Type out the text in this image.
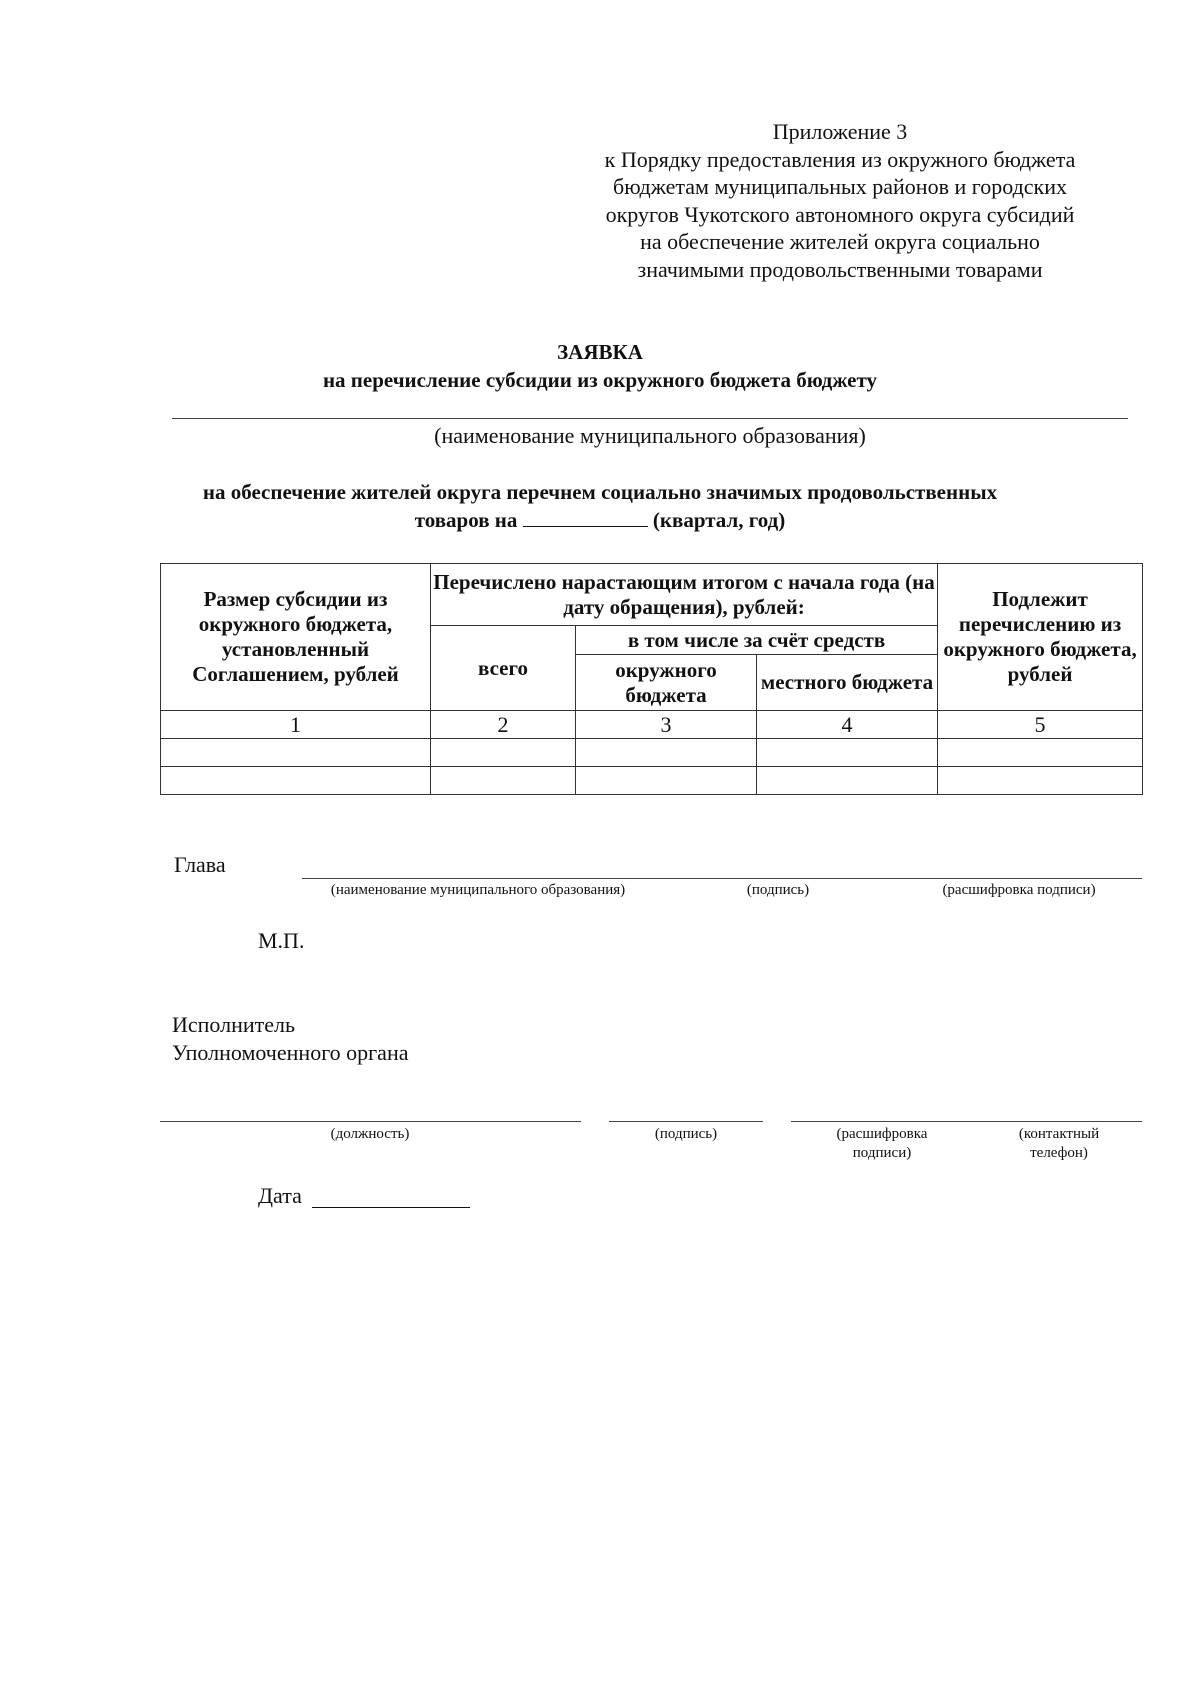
Приложение 3
к Порядку предоставления из окружного бюджета
бюджетам муниципальных районов и городских
округов Чукотского автономного округа субсидий
на обеспечение жителей округа социально
значимыми продовольственными товарами
ЗАЯВКА
на перечисление субсидии из окружного бюджета бюджету
(наименование муниципального образования)
на обеспечение жителей округа перечнем социально значимых продовольственных
товаров на	(квартал, год)
Размер субсидии из окружного бюджета, установленный Соглашением, рублей	Перечислено нарастающим итогом с начала года (на дату обращения), рублей:			Подлежит перечислению из окружного бюджета, рублей
	всего	в том числе за счёт средств		
		окружного бюджета	местного бюджета	
1	2	3	4	5

Глава
(наименование муниципального образования)	(подпись)	(расшифровка подписи)
М.П.
Исполнитель
Уполномоченного органа
(должность)	(подпись)	(расшифровка
подписи)
(контактный
телефон)
Дата
